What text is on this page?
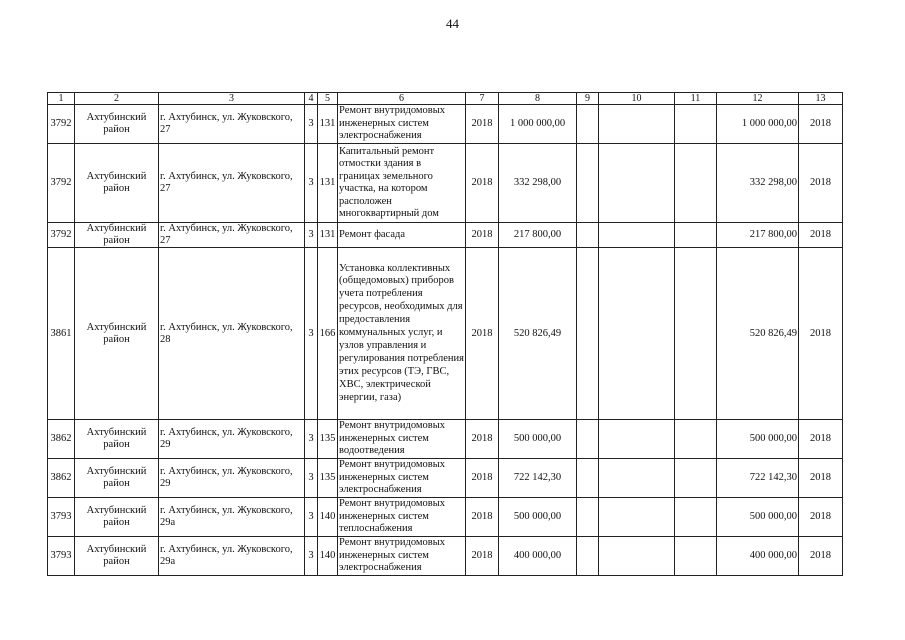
44
1	2	3	4	5	6	7	8	9	10	11	12	13
3792	Ахтубинский район	г. Ахтубинск, ул. Жуковского, 27	3	131	Ремонт внутридомовых инженерных систем электроснабжения	2018	1 000 000,00				1 000 000,00	2018
3792	Ахтубинский район	г. Ахтубинск, ул. Жуковского, 27	3	131	Капитальный ремонт отмостки здания в границах земельного участка, на котором расположен многоквартирный дом	2018	332 298,00				332 298,00	2018
3792	Ахтубинский район	г. Ахтубинск, ул. Жуковского, 27	3	131	Ремонт фасада	2018	217 800,00				217 800,00	2018
3861	Ахтубинский район	г. Ахтубинск, ул. Жуковского, 28	3	166	Установка коллективных (общедомовых) приборов учета потребления ресурсов, необходимых для предоставления коммунальных услуг, и узлов управления и регулирования потребления этих ресурсов (ТЭ, ГВС, ХВС, электрической энергии, газа)	2018	520 826,49				520 826,49	2018
3862	Ахтубинский район	г. Ахтубинск, ул. Жуковского, 29	3	135	Ремонт внутридомовых инженерных систем водоотведения	2018	500 000,00				500 000,00	2018
3862	Ахтубинский район	г. Ахтубинск, ул. Жуковского, 29	3	135	Ремонт внутридомовых инженерных систем электроснабжения	2018	722 142,30				722 142,30	2018
3793	Ахтубинский район	г. Ахтубинск, ул. Жуковского, 29а	3	140	Ремонт внутридомовых инженерных систем теплоснабжения	2018	500 000,00				500 000,00	2018
3793	Ахтубинский район	г. Ахтубинск, ул. Жуковского, 29а	3	140	Ремонт внутридомовых инженерных систем электроснабжения	2018	400 000,00				400 000,00	2018
